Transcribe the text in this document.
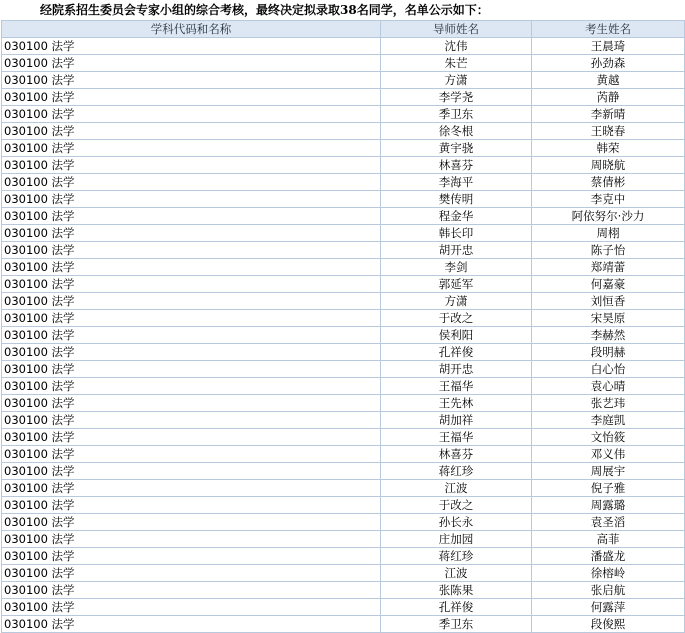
经院系招生委员会专家小组的综合考核，最终决定拟录取38名同学，名单公示如下：
学科代码和名称	导师姓名	考生姓名
030100 法学	沈伟	王晨琦
030100 法学	朱芒	孙劲森
030100 法学	方潇	黄越
030100 法学	李学尧	芮静
030100 法学	季卫东	李新晴
030100 法学	徐冬根	王晓春
030100 法学	黄宇骁	韩荣
030100 法学	林喜芬	周晓航
030100 法学	李海平	蔡倩彬
030100 法学	樊传明	李克中
030100 法学	程金华	阿依努尔·沙力
030100 法学	韩长印	周栩
030100 法学	胡开忠	陈子怡
030100 法学	李剑	郑靖蕾
030100 法学	郭延军	何嘉豪
030100 法学	方潇	刘恒香
030100 法学	于改之	宋昊原
030100 法学	侯利阳	李赫然
030100 法学	孔祥俊	段明赫
030100 法学	胡开忠	白心怡
030100 法学	王福华	袁心晴
030100 法学	王先林	张艺玮
030100 法学	胡加祥	李庭凯
030100 法学	王福华	文怡筱
030100 法学	林喜芬	邓义伟
030100 法学	蒋红珍	周展宇
030100 法学	江波	倪子雅
030100 法学	于改之	周露璐
030100 法学	孙长永	袁圣滔
030100 法学	庄加园	高菲
030100 法学	蒋红珍	潘盛龙
030100 法学	江波	徐榕岭
030100 法学	张陈果	张启航
030100 法学	孔祥俊	何露萍
030100 法学	季卫东	段俊熙
